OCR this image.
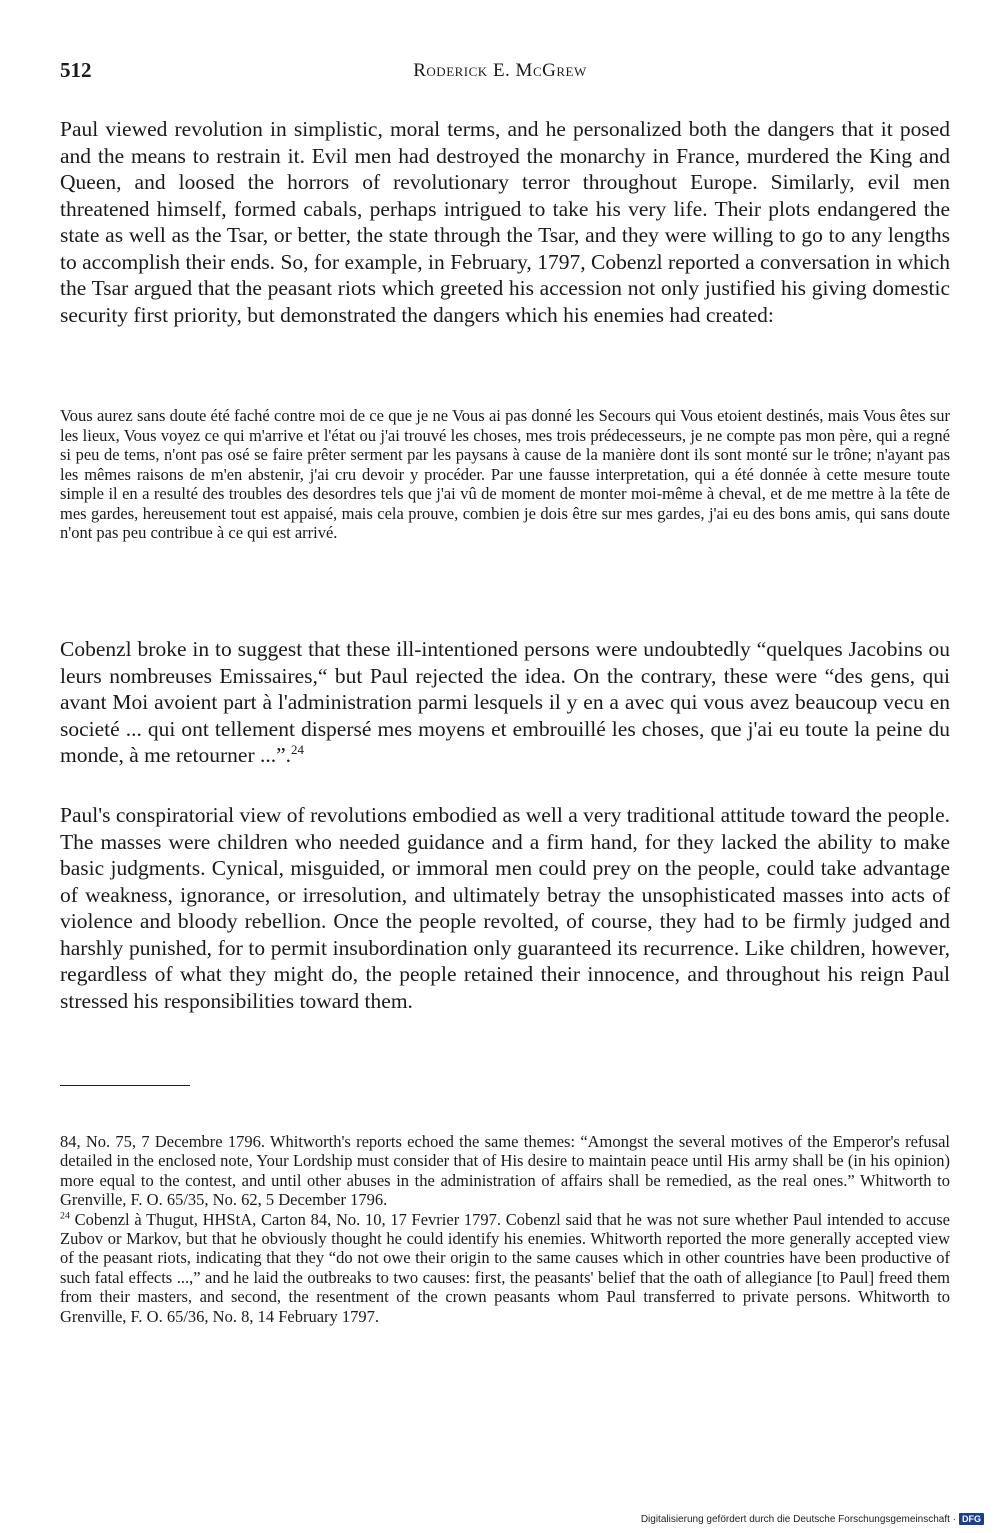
512	Roderick E. McGrew

Paul viewed revolution in simplistic, moral terms, and he personalized both the dangers that it posed and the means to restrain it. Evil men had destroyed the monarchy in France, murdered the King and Queen, and loosed the horrors of revolutionary terror throughout Europe. Similarly, evil men threatened himself, formed cabals, perhaps intrigued to take his very life. Their plots endangered the state as well as the Tsar, or better, the state through the Tsar, and they were willing to go to any lengths to accomplish their ends. So, for example, in February, 1797, Cobenzl reported a conversation in which the Tsar argued that the peasant riots which greeted his accession not only justified his giving domestic security first priority, but demonstrated the dangers which his enemies had created:

Vous aurez sans doute été faché contre moi de ce que je ne Vous ai pas donné les Secours qui Vous etoient destinés, mais Vous êtes sur les lieux, Vous voyez ce qui m'arrive et l'état ou j'ai trouvé les choses, mes trois prédecesseurs, je ne compte pas mon père, qui a regné si peu de tems, n'ont pas osé se faire prêter serment par les paysans à cause de la manière dont ils sont monté sur le trône; n'ayant pas les mêmes raisons de m'en abstenir, j'ai cru devoir y procéder. Par une fausse interpretation, qui a été donnée à cette mesure toute simple il en a resulté des troubles des desordres tels que j'ai vû de moment de monter moi-même à cheval, et de me mettre à la tête de mes gardes, hereusement tout est appaisé, mais cela prouve, combien je dois être sur mes gardes, j'ai eu des bons amis, qui sans doute n'ont pas peu contribue à ce qui est arrivé.

Cobenzl broke in to suggest that these ill-intentioned persons were undoubtedly “quelques Jacobins ou leurs nombreuses Emissaires,“ but Paul rejected the idea. On the contrary, these were “des gens, qui avant Moi avoient part à l'administration parmi lesquels il y en a avec qui vous avez beaucoup vecu en societé ... qui ont tellement dispersé mes moyens et embrouillé les choses, que j'ai eu toute la peine du monde, à me retourner ...”.$^{24}$

Paul's conspiratorial view of revolutions embodied as well a very traditional attitude toward the people. The masses were children who needed guidance and a firm hand, for they lacked the ability to make basic judgments. Cynical, misguided, or immoral men could prey on the people, could take advantage of weakness, ignorance, or irresolution, and ultimately betray the unsophisticated masses into acts of violence and bloody rebellion. Once the people revolted, of course, they had to be firmly judged and harshly punished, for to permit insubordination only guaranteed its recurrence. Like children, however, regardless of what they might do, the people retained their innocence, and throughout his reign Paul stressed his responsibilities toward them.

84, No. 75, 7 Decembre 1796. Whitworth's reports echoed the same themes: “Amongst the several motives of the Emperor's refusal detailed in the enclosed note, Your Lordship must consider that of His desire to maintain peace until His army shall be (in his opinion) more equal to the contest, and until other abuses in the administration of affairs shall be remedied, as the real ones.” Whitworth to Grenville, F. O. 65/35, No. 62, 5 December 1796.

$^{24}$ Cobenzl à Thugut, HHStA, Carton 84, No. 10, 17 Fevrier 1797. Cobenzl said that he was not sure whether Paul intended to accuse Zubov or Markov, but that he obviously thought he could identify his enemies. Whitworth reported the more generally accepted view of the peasant riots, indicating that they “do not owe their origin to the same causes which in other countries have been productive of such fatal effects ...,” and he laid the outbreaks to two causes: first, the peasants' belief that the oath of allegiance [to Paul] freed them from their masters, and second, the resentment of the crown peasants whom Paul transferred to private persons. Whitworth to Grenville, F. O. 65/36, No. 8, 14 February 1797.

Digitalisierung gefördert durch die Deutsche Forschungsgemeinschaft · DFG
